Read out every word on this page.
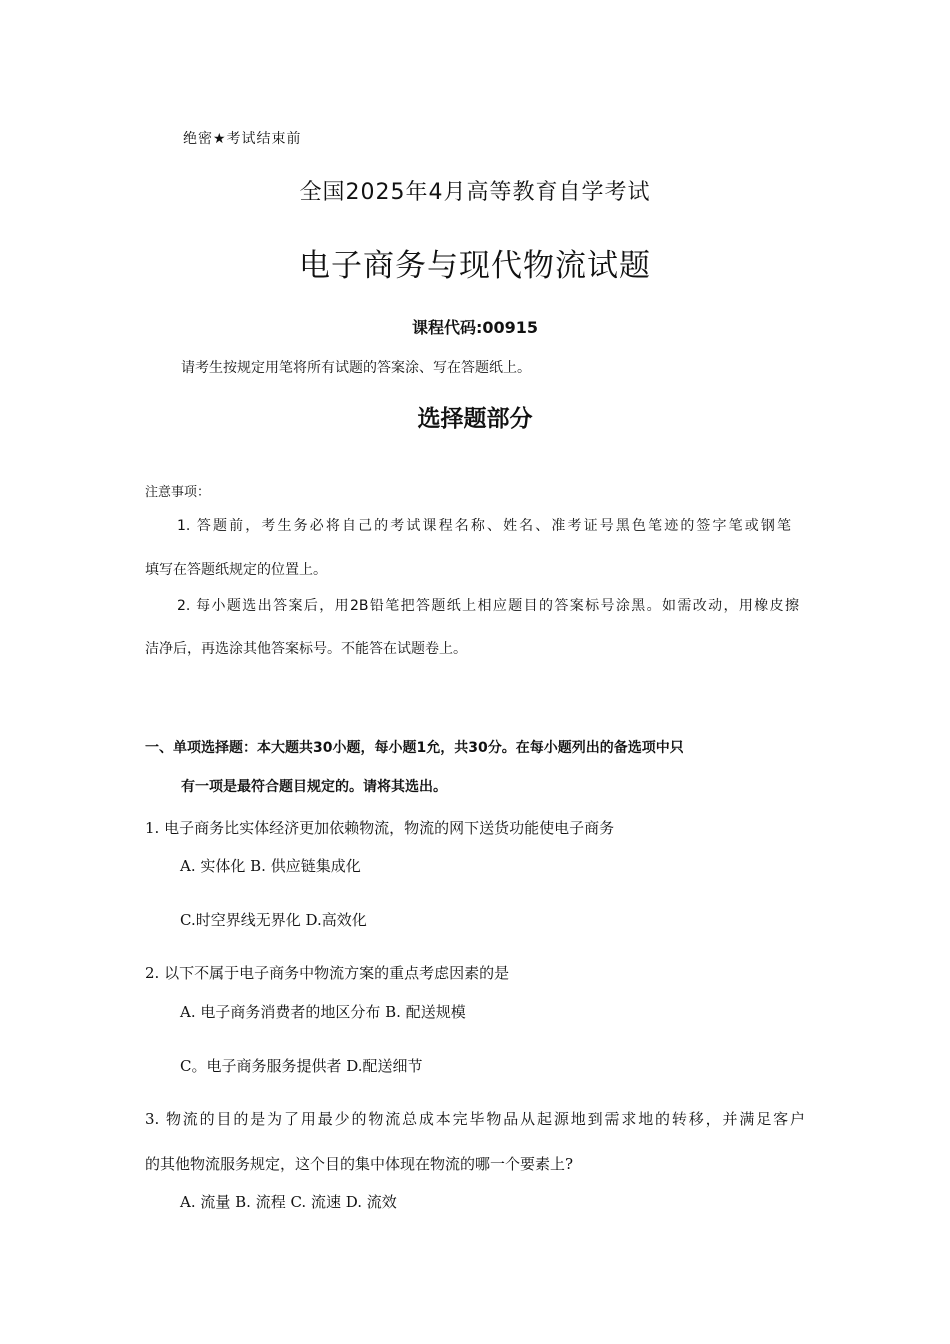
绝密★考试结束前
全国2025年4月高等教育自学考试
电子商务与现代物流试题
课程代码:00915
请考生按规定用笔将所有试题的答案涂、写在答题纸上。
选择题部分
注意事项：
1. 答题前，考生务必将自己的考试课程名称、姓名、准考证号黑色笔迹的签字笔或钢笔
填写在答题纸规定的位置上。
2. 每小题选出答案后，用2B铅笔把答题纸上相应题目的答案标号涂黑。如需改动，用橡皮擦
洁净后，再选涂其他答案标号。不能答在试题卷上。
一、单项选择题：本大题共30小题，每小题1允，共30分。在每小题列出的备选项中只
有一项是最符合题目规定的。请将其选出。
1. 电子商务比实体经济更加依赖物流，物流的网下送货功能使电子商务
A. 实体化 B. 供应链集成化
C.时空界线无界化 D.高效化
2. 以下不属于电子商务中物流方案的重点考虑因素的是
A. 电子商务消费者的地区分布 B. 配送规模
C。电子商务服务提供者 D.配送细节
3. 物流的目的是为了用最少的物流总成本完毕物品从起源地到需求地的转移，并满足客户
的其他物流服务规定，这个目的集中体现在物流的哪一个要素上?
A. 流量 B. 流程 C. 流速 D. 流效
